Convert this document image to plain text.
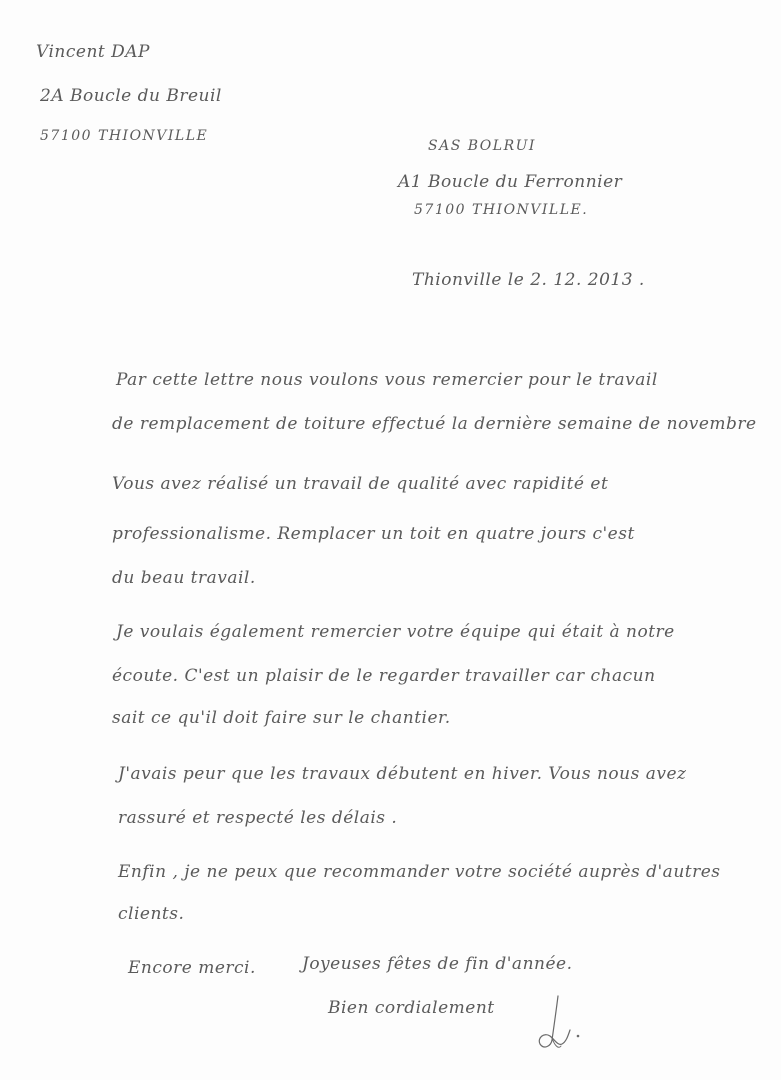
Vincent DAP
2A Boucle du Breuil
57100 THIONVILLE
SAS BOLRUI
A1 Boucle du Ferronnier
57100 THIONVILLE.
Thionville le 2. 12. 2013 .
Par cette lettre nous voulons vous remercier pour le travail
de remplacement de toiture effectué la dernière semaine de novembre
Vous avez réalisé un travail de qualité avec rapidité et
professionalisme. Remplacer un toit en quatre jours c'est
du beau travail.
Je voulais également remercier votre équipe qui était à notre
écoute. C'est un plaisir de le regarder travailler car chacun
sait ce qu'il doit faire sur le chantier.
J'avais peur que les travaux débutent en hiver. Vous nous avez
rassuré et respecté les délais .
Enfin , je ne peux que recommander votre société auprès d'autres
clients.
Encore merci.	Joyeuses fêtes de fin d'année.
Bien cordialement
